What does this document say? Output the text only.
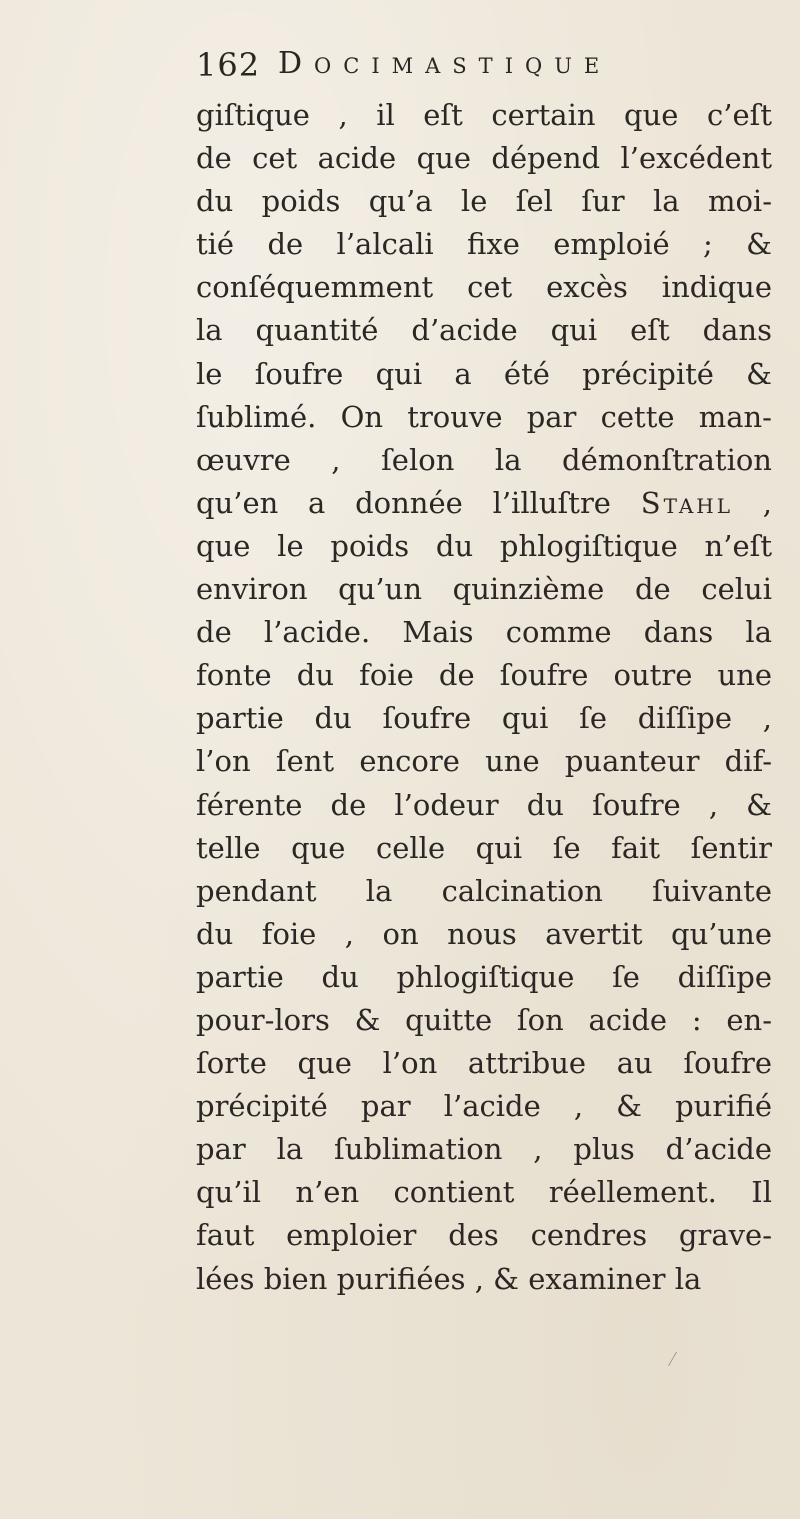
162 Docimastique
giſtique , il eſt certain que c’eſt
de cet acide que dépend l’excédent
du poids qu’a le ſel ſur la moi-
tié de l’alcali fixe emploié ; &
conſéquemment cet excès indique
la quantité d’acide qui eſt dans
le ſoufre qui a été précipité &
ſublimé. On trouve par cette man-
œuvre , ſelon la démonſtration
qu’en a donnée l’illuſtre Stahl ,
que le poids du phlogiſtique n’eſt
environ qu’un quinzième de celui
de l’acide. Mais comme dans la
fonte du foie de ſoufre outre une
partie du ſoufre qui ſe diſſipe ,
l’on ſent encore une puanteur dif-
férente de l’odeur du ſoufre , &
telle que celle qui ſe fait ſentir
pendant la calcination ſuivante
du foie , on nous avertit qu’une
partie du phlogiſtique ſe diſſipe
pour-lors & quitte ſon acide : en-
ſorte que l’on attribue au ſoufre
précipité par l’acide , & purifié
par la ſublimation , plus d’acide
qu’il n’en contient réellement. Il
faut emploier des cendres grave-
lées bien purifiées , & examiner la
